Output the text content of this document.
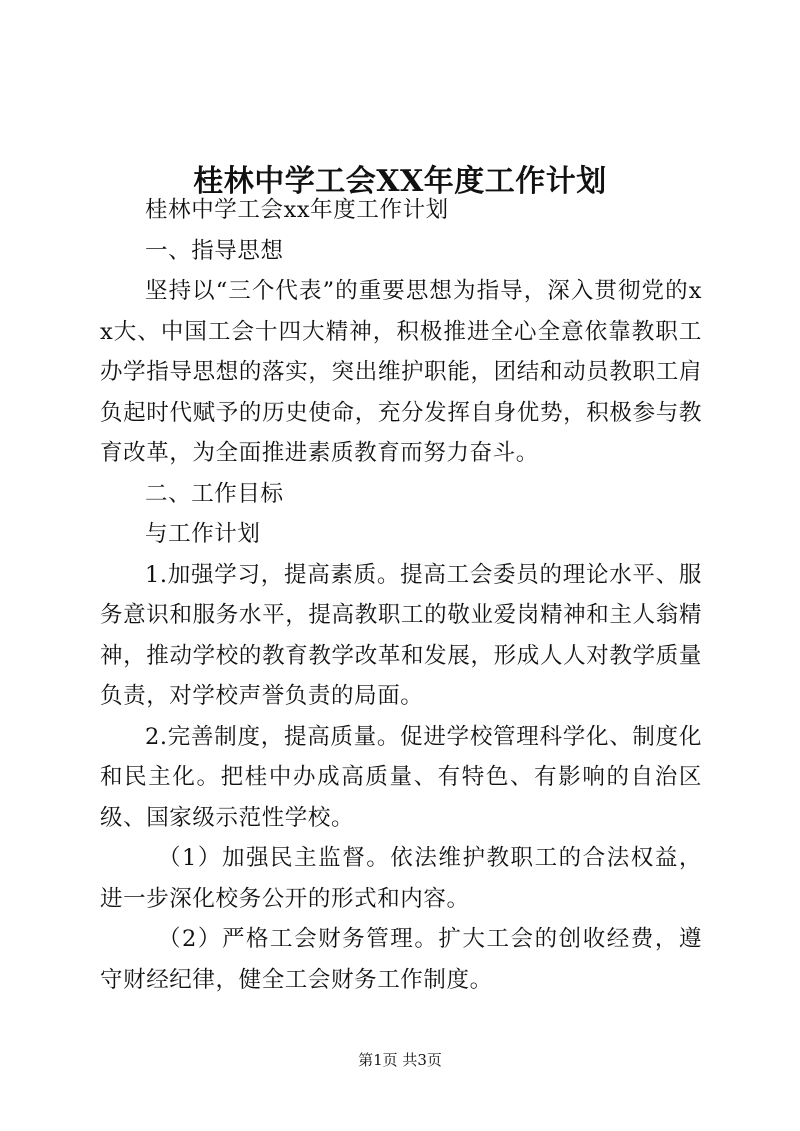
桂林中学工会XX年度工作计划

桂林中学工会xx年度工作计划

一、指导思想

坚持以“三个代表”的重要思想为指导，深入贯彻党的xx大、中国工会十四大精神，积极推进全心全意依靠教职工办学指导思想的落实，突出维护职能，团结和动员教职工肩负起时代赋予的历史使命，充分发挥自身优势，积极参与教育改革，为全面推进素质教育而努力奋斗。

二、工作目标

与工作计划

1.加强学习，提高素质。提高工会委员的理论水平、服务意识和服务水平，提高教职工的敬业爱岗精神和主人翁精神，推动学校的教育教学改革和发展，形成人人对教学质量负责，对学校声誉负责的局面。

2.完善制度，提高质量。促进学校管理科学化、制度化和民主化。把桂中办成高质量、有特色、有影响的自治区级、国家级示范性学校。

（1）加强民主监督。依法维护教职工的合法权益，进一步深化校务公开的形式和内容。

（2）严格工会财务管理。扩大工会的创收经费，遵守财经纪律，健全工会财务工作制度。

第1页 共3页
